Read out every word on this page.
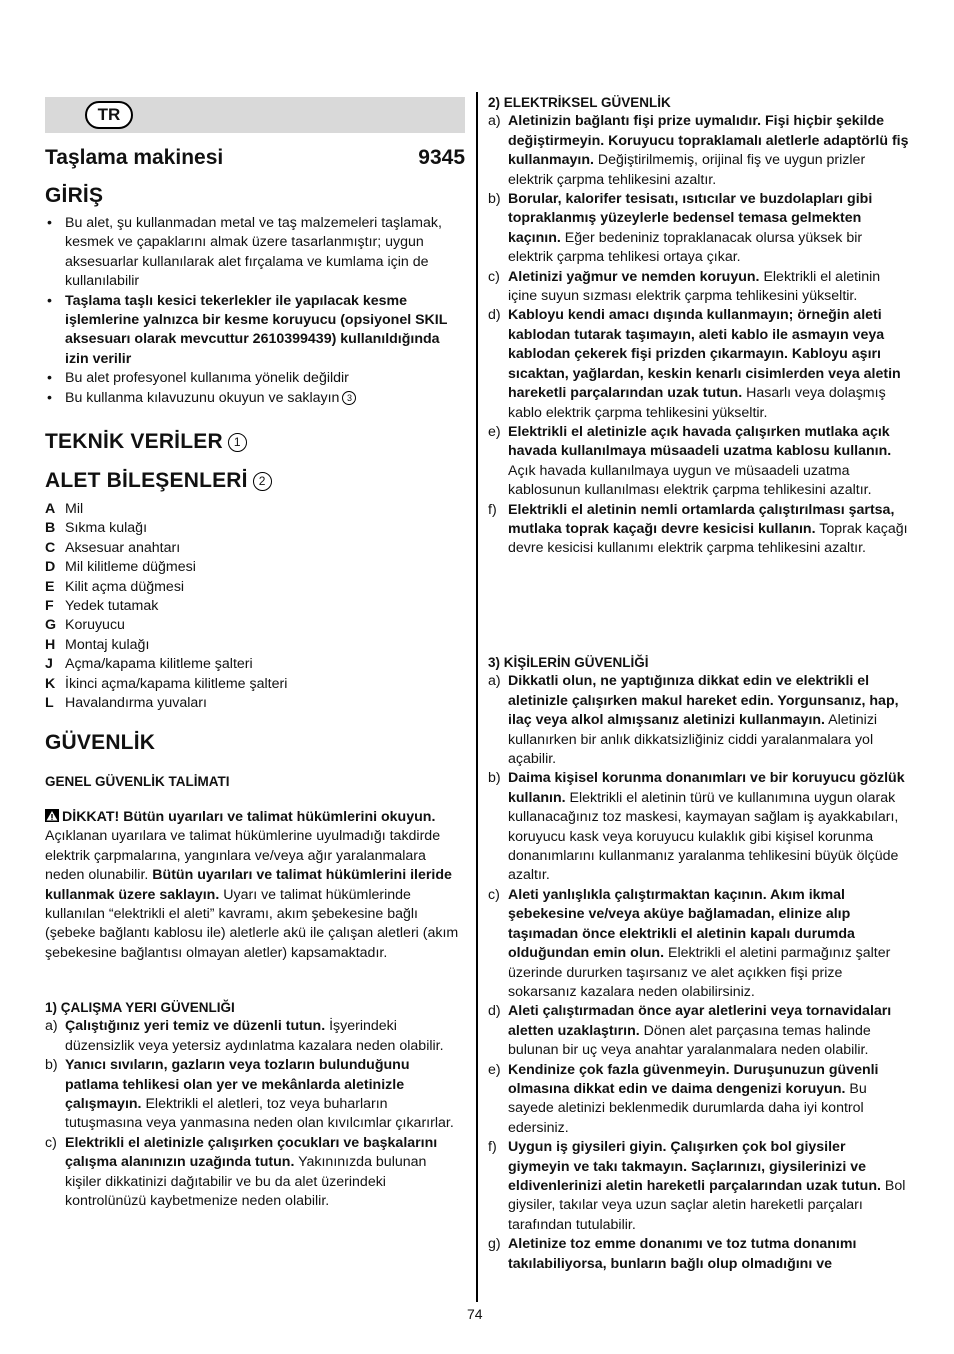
TR
Taşlama makinesi	9345
GİRİŞ
• Bu alet, şu kullanmadan metal ve taş malzemeleri taşlamak, kesmek ve çapaklarını almak üzere tasarlanmıştır; uygun aksesuarlar kullanılarak alet fırçalama ve kumlama için de kullanılabilir
• Taşlama taşlı kesici tekerlekler ile yapılacak kesme işlemlerine yalnızca bir kesme koruyucu (opsiyonel SKIL aksesuarı olarak mevcuttur 2610399439) kullanıldığında izin verilir
• Bu alet profesyonel kullanıma yönelik değildir
• Bu kullanma kılavuzunu okuyun ve saklayın 3
TEKNİK VERİLER 1
ALET BİLEŞENLERİ 2
A Mil
B Sıkma kulağı
C Aksesuar anahtarı
D Mil kilitleme düğmesi
E Kilit açma düğmesi
F Yedek tutamak
G Koruyucu
H Montaj kulağı
J Açma/kapama kilitleme şalteri
K İkinci açma/kapama kilitleme şalteri
L Havalandırma yuvaları
GÜVENLİK
GENEL GÜVENLİK TALİMATI
DİKKAT! Bütün uyarıları ve talimat hükümlerini okuyun. Açıklanan uyarılara ve talimat hükümlerine uyulmadığı takdirde elektrik çarpmalarına, yangınlara ve/veya ağır yaralanmalara neden olunabilir. Bütün uyarıları ve talimat hükümlerini ileride kullanmak üzere saklayın. Uyarı ve talimat hükümlerinde kullanılan “elektrikli el aleti” kavramı, akım şebekesine bağlı (şebeke bağlantı kablosu ile) aletlerle akü ile çalışan aletleri (akım şebekesine bağlantısı olmayan aletler) kapsamaktadır.
1) ÇALIŞMA YERI GÜVENLIĞI
a) Çalıştığınız yeri temiz ve düzenli tutun. İşyerindeki düzensizlik veya yetersiz aydınlatma kazalara neden olabilir.
b) Yanıcı sıvıların, gazların veya tozların bulunduğunu patlama tehlikesi olan yer ve mekânlarda aletinizle çalışmayın. Elektrikli el aletleri, toz veya buharların tutuşmasına veya yanmasına neden olan kıvılcımlar çıkarırlar.
c) Elektrikli el aletinizle çalışırken çocukları ve başkalarını çalışma alanınızın uzağında tutun. Yakınınızda bulunan kişiler dikkatinizi dağıtabilir ve bu da alet üzerindeki kontrolünüzü kaybetmenize neden olabilir.
2) ELEKTRİKSEL GÜVENLİK
a) Aletinizin bağlantı fişi prize uymalıdır. Fişi hiçbir şekilde değiştirmeyin. Koruyucu topraklamalı aletlerle adaptörlü fiş kullanmayın. Değiştirilmemiş, orijinal fiş ve uygun prizler elektrik çarpma tehlikesini azaltır.
b) Borular, kalorifer tesisatı, ısıtıcılar ve buzdolapları gibi topraklanmış yüzeylerle bedensel temasa gelmekten kaçının. Eğer bedeniniz topraklanacak olursa yüksek bir elektrik çarpma tehlikesi ortaya çıkar.
c) Aletinizi yağmur ve nemden koruyun. Elektrikli el aletinin içine suyun sızması elektrik çarpma tehlikesini yükseltir.
d) Kabloyu kendi amacı dışında kullanmayın; örneğin aleti kablodan tutarak taşımayın, aleti kablo ile asmayın veya kablodan çekerek fişi prizden çıkarmayın. Kabloyu aşırı sıcaktan, yağlardan, keskin kenarlı cisimlerden veya aletin hareketli parçalarından uzak tutun. Hasarlı veya dolaşmış kablo elektrik çarpma tehlikesini yükseltir.
e) Elektrikli el aletinizle açık havada çalışırken mutlaka açık havada kullanılmaya müsaadeli uzatma kablosu kullanın. Açık havada kullanılmaya uygun ve müsaadeli uzatma kablosunun kullanılması elektrik çarpma tehlikesini azaltır.
f) Elektrikli el aletinin nemli ortamlarda çalıştırılması şartsa, mutlaka toprak kaçağı devre kesicisi kullanın. Toprak kaçağı devre kesicisi kullanımı elektrik çarpma tehlikesini azaltır.
3) KİŞİLERİN GÜVENLİĞİ
a) Dikkatli olun, ne yaptığınıza dikkat edin ve elektrikli el aletinizle çalışırken makul hareket edin. Yorgunsanız, hap, ilaç veya alkol almışsanız aletinizi kullanmayın. Aletinizi kullanırken bir anlık dikkatsizliğiniz ciddi yaralanmalara yol açabilir.
b) Daima kişisel korunma donanımları ve bir koruyucu gözlük kullanın. Elektrikli el aletinin türü ve kullanımına uygun olarak kullanacağınız toz maskesi, kaymayan sağlam iş ayakkabıları, koruyucu kask veya koruyucu kulaklık gibi kişisel korunma donanımlarını kullanmanız yaralanma tehlikesini büyük ölçüde azaltır.
c) Aleti yanlışlıkla çalıştırmaktan kaçının. Akım ikmal şebekesine ve/veya aküye bağlamadan, elinize alıp taşımadan önce elektrikli el aletinin kapalı durumda olduğundan emin olun. Elektrikli el aletini parmağınız şalter üzerinde dururken taşırsanız ve alet açıkken fişi prize sokarsanız kazalara neden olabilirsiniz.
d) Aleti çalıştırmadan önce ayar aletlerini veya tornavidaları aletten uzaklaştırın. Dönen alet parçasına temas halinde bulunan bir uç veya anahtar yaralanmalara neden olabilir.
e) Kendinize çok fazla güvenmeyin. Duruşunuzun güvenli olmasına dikkat edin ve daima dengenizi koruyun. Bu sayede aletinizi beklenmedik durumlarda daha iyi kontrol edersiniz.
f) Uygun iş giysileri giyin. Çalışırken çok bol giysiler giymeyin ve takı takmayın. Saçlarınızı, giysilerinizi ve eldivenlerinizi aletin hareketli parçalarından uzak tutun. Bol giysiler, takılar veya uzun saçlar aletin hareketli parçaları tarafından tutulabilir.
g) Aletinize toz emme donanımı ve toz tutma donanımı takılabiliyorsa, bunların bağlı olup olmadığını ve
74
